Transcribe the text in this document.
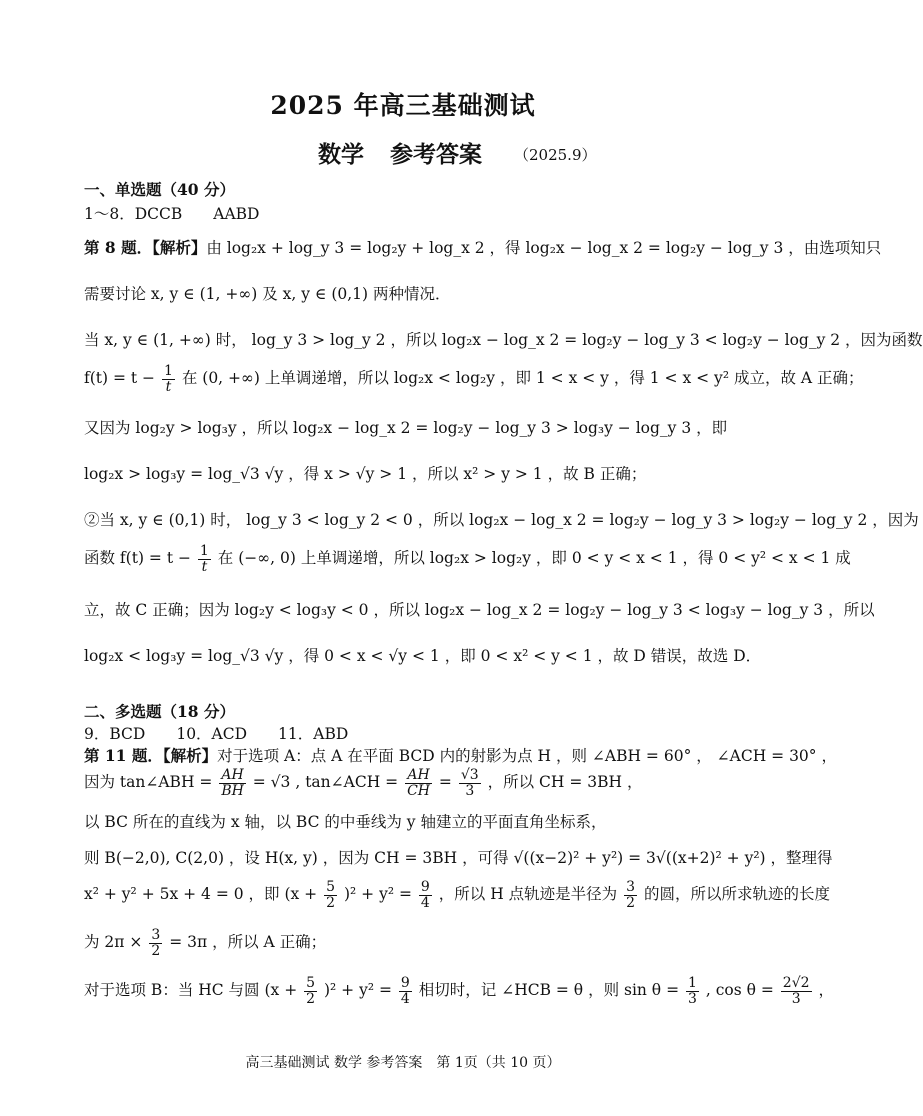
2025 年高三基础测试
数学 参考答案 （2025.9）
一、单选题（40 分）
1～8．DCCB　　AABD
第 8 题．【解析】由 log₂x + log_y 3 = log₂y + log_x 2 ，得 log₂x − log_x 2 = log₂y − log_y 3 ，由选项知只
需要讨论 x, y ∈ (1, +∞) 及 x, y ∈ (0,1) 两种情况．
当 x, y ∈ (1, +∞) 时， log_y 3 > log_y 2 ，所以 log₂x − log_x 2 = log₂y − log_y 3 < log₂y − log_y 2 ，因为函数
$f(t) = t - \frac{1}{t}$ 在 (0, +∞) 上单调递增，所以 log₂x < log₂y ，即 1 < x < y ，得 1 < x < y² 成立，故 A 正确；
又因为 log₂y > log₃y ，所以 log₂x − log_x 2 = log₂y − log_y 3 > log₃y − log_y 3 ，即
log₂x > log₃y = log_√3 √y ，得 x > √y > 1 ，所以 x² > y > 1 ，故 B 正确；
②当 x, y ∈ (0,1) 时， log_y 3 < log_y 2 < 0 ，所以 log₂x − log_x 2 = log₂y − log_y 3 > log₂y − log_y 2 ，因为
函数 $f(t) = t - \frac{1}{t}$ 在 (−∞, 0) 上单调递增，所以 log₂x > log₂y ，即 0 < y < x < 1 ，得 0 < y² < x < 1 成
立，故 C 正确；因为 log₂y < log₃y < 0 ，所以 log₂x − log_x 2 = log₂y − log_y 3 < log₃y − log_y 3 ，所以
log₂x < log₃y = log_√3 √y ，得 0 < x < √y < 1 ，即 0 < x² < y < 1 ，故 D 错误，故选 D．
二、多选题（18 分）
9．BCD　　10．ACD　　11．ABD
第 11 题．【解析】对于选项 A：点 A 在平面 BCD 内的射影为点 H ，则 ∠ABH = 60° ， ∠ACH = 30° ，
因为 tan∠ABH = $\frac{AH}{BH} = √3$ , tan∠ACH = $\frac{AH}{CH} = \frac{√3}{3}$ ，所以 CH = 3BH ，
以 BC 所在的直线为 x 轴，以 BC 的中垂线为 y 轴建立的平面直角坐标系，
则 B(−2,0), C(2,0) ，设 H(x, y) ，因为 CH = 3BH ，可得 √((x−2)² + y²) = 3√((x+2)² + y²) ，整理得
x² + y² + 5x + 4 = 0 ，即 $(x + \frac{5}{2} )^2 + y^2 = \frac{9}{4}$ ，所以 H 点轨迹是半径为 $\frac{3}{2}$ 的圆，所以所求轨迹的长度
为 $2\pi \times \frac{3}{2} = 3\pi$ ，所以 A 正确；
对于选项 B：当 HC 与圆 $(x + \frac{5}{2} )^2 + y^2 = \frac{9}{4}$ 相切时，记 ∠HCB = θ ，则 $\sin \theta = \frac{1}{3}$ , $\cos \theta = \frac{2√2}{3}$ ，
高三基础测试 数学 参考答案　第 1页（共 10 页）
